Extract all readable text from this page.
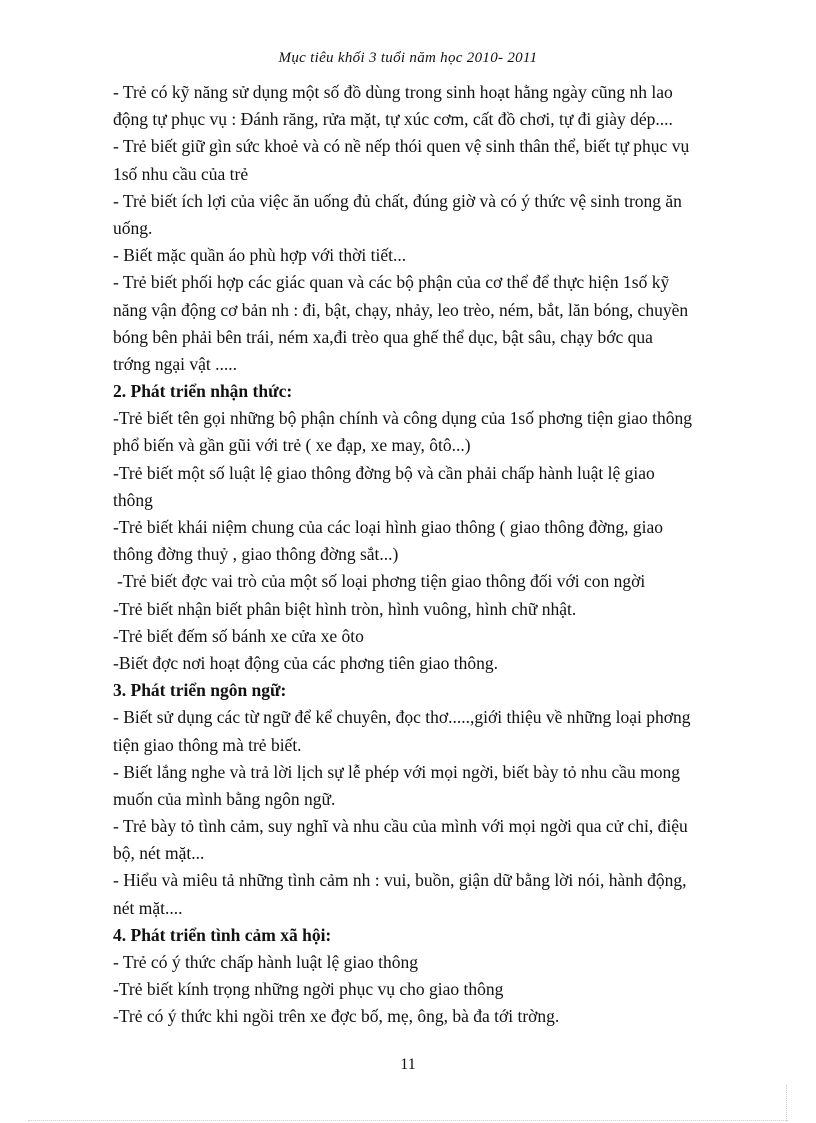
Mục tiêu khối 3 tuổi năm học 2010- 2011

- Trẻ có kỹ năng sử dụng một số đồ dùng trong sinh hoạt hằng ngày cũng nh lao

động tự phục vụ : Đánh răng, rửa mặt, tự xúc cơm, cất đồ chơi, tự đi giày dép....

- Trẻ biết giữ gìn sức khoẻ và có nề nếp thói quen vệ sinh thân thể, biết tự phục vụ

1số nhu cầu của trẻ

- Trẻ biết ích lợi của việc ăn uống đủ chất, đúng giờ và có ý thức vệ sinh trong ăn

uống.

- Biết mặc quần áo phù hợp với thời tiết...

- Trẻ biết phối hợp các giác quan và các bộ phận của cơ thể để thực hiện 1số kỹ

năng vận động cơ bản nh : đi, bật, chạy, nhảy, leo trèo, ném, bắt, lăn bóng, chuyền

bóng bên phải bên trái, ném xa,đi trèo qua ghế thể dục, bật sâu, chạy bớc qua

trớng ngại vật .....

2. Phát triển nhận thức:

-Trẻ biết tên gọi những bộ phận chính và công dụng của 1số phơng tiện giao thông

phổ biến và gần gũi với trẻ ( xe đạp, xe may, ôtô...)

-Trẻ biết một số luật lệ giao thông đờng bộ và cần phải chấp hành luật lệ giao

thông

-Trẻ biết khái niệm chung của các loại hình giao thông ( giao thông đờng, giao

thông đờng thuỷ , giao thông đờng sắt...)

-Trẻ biết đợc vai trò của một số loại phơng tiện giao thông đối với con ngời

-Trẻ biết nhận biết phân biệt hình tròn, hình vuông, hình chữ nhật.

-Trẻ biết đếm số bánh xe cửa xe ôto

-Biết đợc nơi hoạt động của các phơng tiên giao thông.

3. Phát triển ngôn ngữ:

- Biết sử dụng các từ ngữ để kể chuyên, đọc thơ.....,giới thiệu về những loại phơng

tiện giao thông mà trẻ biết.

- Biết lắng nghe và trả lời lịch sự lễ phép với mọi ngời, biết bày tỏ nhu cầu mong

muốn của mình bằng ngôn ngữ.

- Trẻ bày tỏ tình cảm, suy nghĩ và nhu cầu của mình với mọi ngời qua cử chỉ, điệu

bộ, nét mặt...

- Hiểu và miêu tả những tình cảm nh : vui, buồn, giận dữ bằng lời nói, hành động,

nét mặt....

4. Phát triển tình cảm xã hội:

- Trẻ có ý thức chấp hành luật lệ giao thông

-Trẻ biết kính trọng những ngời phục vụ cho giao thông

-Trẻ có ý thức khi ngồi trên xe đợc bố, mẹ, ông, bà đa tới trờng.

11
